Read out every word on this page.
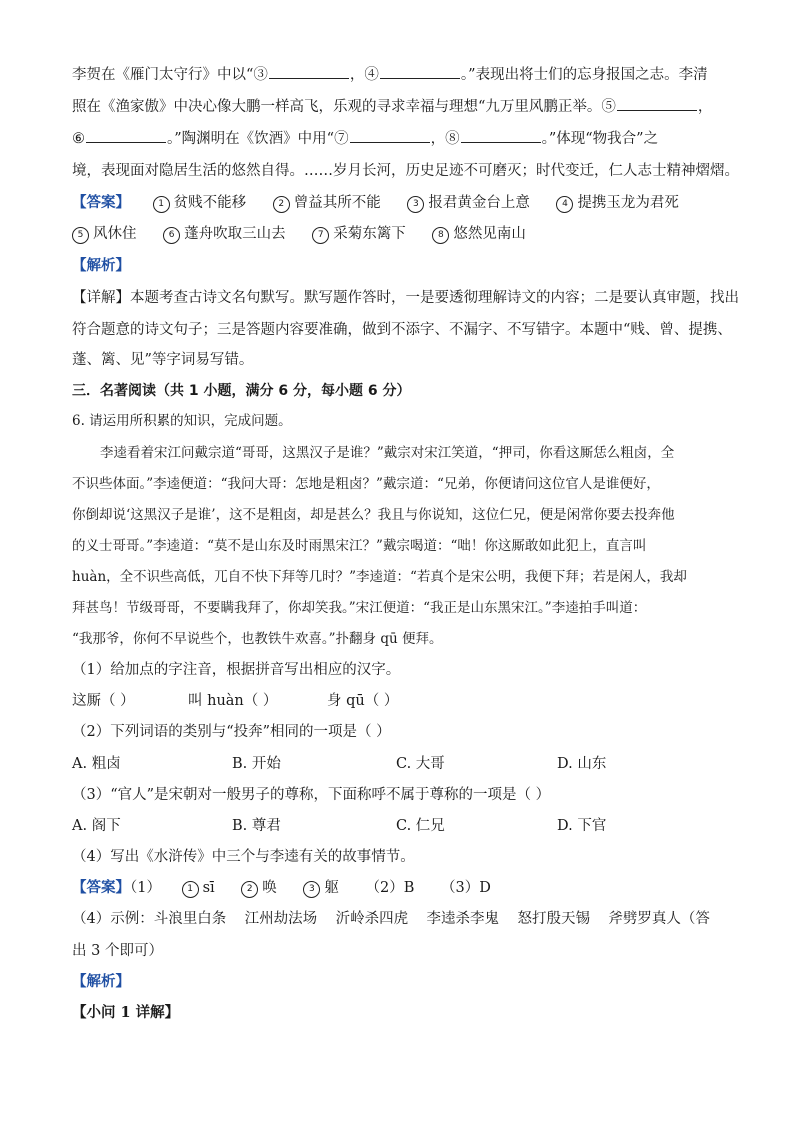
李贺在《雁门太守行》中以“③	，④	。”表现出将士们的忘身报国之志。李清
照在《渔家傲》中决心像大鹏一样高飞，乐观的寻求幸福与理想“九万里风鹏正举。⑤	，
⑥	。”陶渊明在《饮酒》中用“⑦	，⑧	。”体现“物我合”之
境，表现面对隐居生活的悠然自得。……岁月长河，历史足迹不可磨灭；时代变迁，仁人志士精神熠熠。
【答案】	1 贫贱不能移	2 曾益其所不能	3 报君黄金台上意	4 提携玉龙为君死
5 风休住	6 蓬舟吹取三山去	7 采菊东篱下	8 悠然见南山
【解析】
【详解】本题考查古诗文名句默写。默写题作答时，一是要透彻理解诗文的内容；二是要认真审题，找出
符合题意的诗文句子；三是答题内容要准确，做到不添字、不漏字、不写错字。本题中“贱、曾、提携、
蓬、篱、见”等字词易写错。
三．名著阅读（共 1 小题，满分 6 分，每小题 6 分）
6. 请运用所积累的知识，完成问题。

李逵看着宋江问戴宗道“哥哥，这黑汉子是谁？”戴宗对宋江笑道，“押司，你看这厮恁么粗卤，全

不识些体面。”李逵便道：“我问大哥：怎地是粗卤？”戴宗道：“兄弟，你便请问这位官人是谁便好，
你倒却说‘这黑汉子是谁’，这不是粗卤，却是甚么？我且与你说知，这位仁兄，便是闲常你要去投奔他
的义士哥哥。”李逵道：“莫不是山东及时雨黑宋江？”戴宗喝道：“咄！你这厮敢如此犯上，直言叫
huàn，全不识些高低，兀自不快下拜等几时？”李逵道：“若真个是宋公明，我便下拜；若是闲人，我却
拜甚鸟！节级哥哥，不要瞒我拜了，你却笑我。”宋江便道：“我正是山东黑宋江。”李逵拍手叫道：
“我那爷，你何不早说些个，也教铁牛欢喜。”扑翻身 qū 便拜。
（1）给加点的字注音，根据拼音写出相应的汉字。
这厮（ ）	叫 huàn（ ）	身 qū（ ）
（2）下列词语的类别与“投奔”相同的一项是（ ）
A. 粗卤	B. 开始	C. 大哥	D. 山东
（3）“官人”是宋朝对一般男子的尊称，下面称呼不属于尊称的一项是（ ）
A. 阁下	B. 尊君	C. 仁兄	D. 下官
（4）写出《水浒传》中三个与李逵有关的故事情节。
【答案】（1）	1 sī	2 唤	3 躯 （2）B （3）D
（4）示例：斗浪里白条    江州劫法场    沂岭杀四虎    李逵杀李鬼    怒打殷天锡    斧劈罗真人（答
出 3 个即可）
【解析】
【小问 1 详解】
